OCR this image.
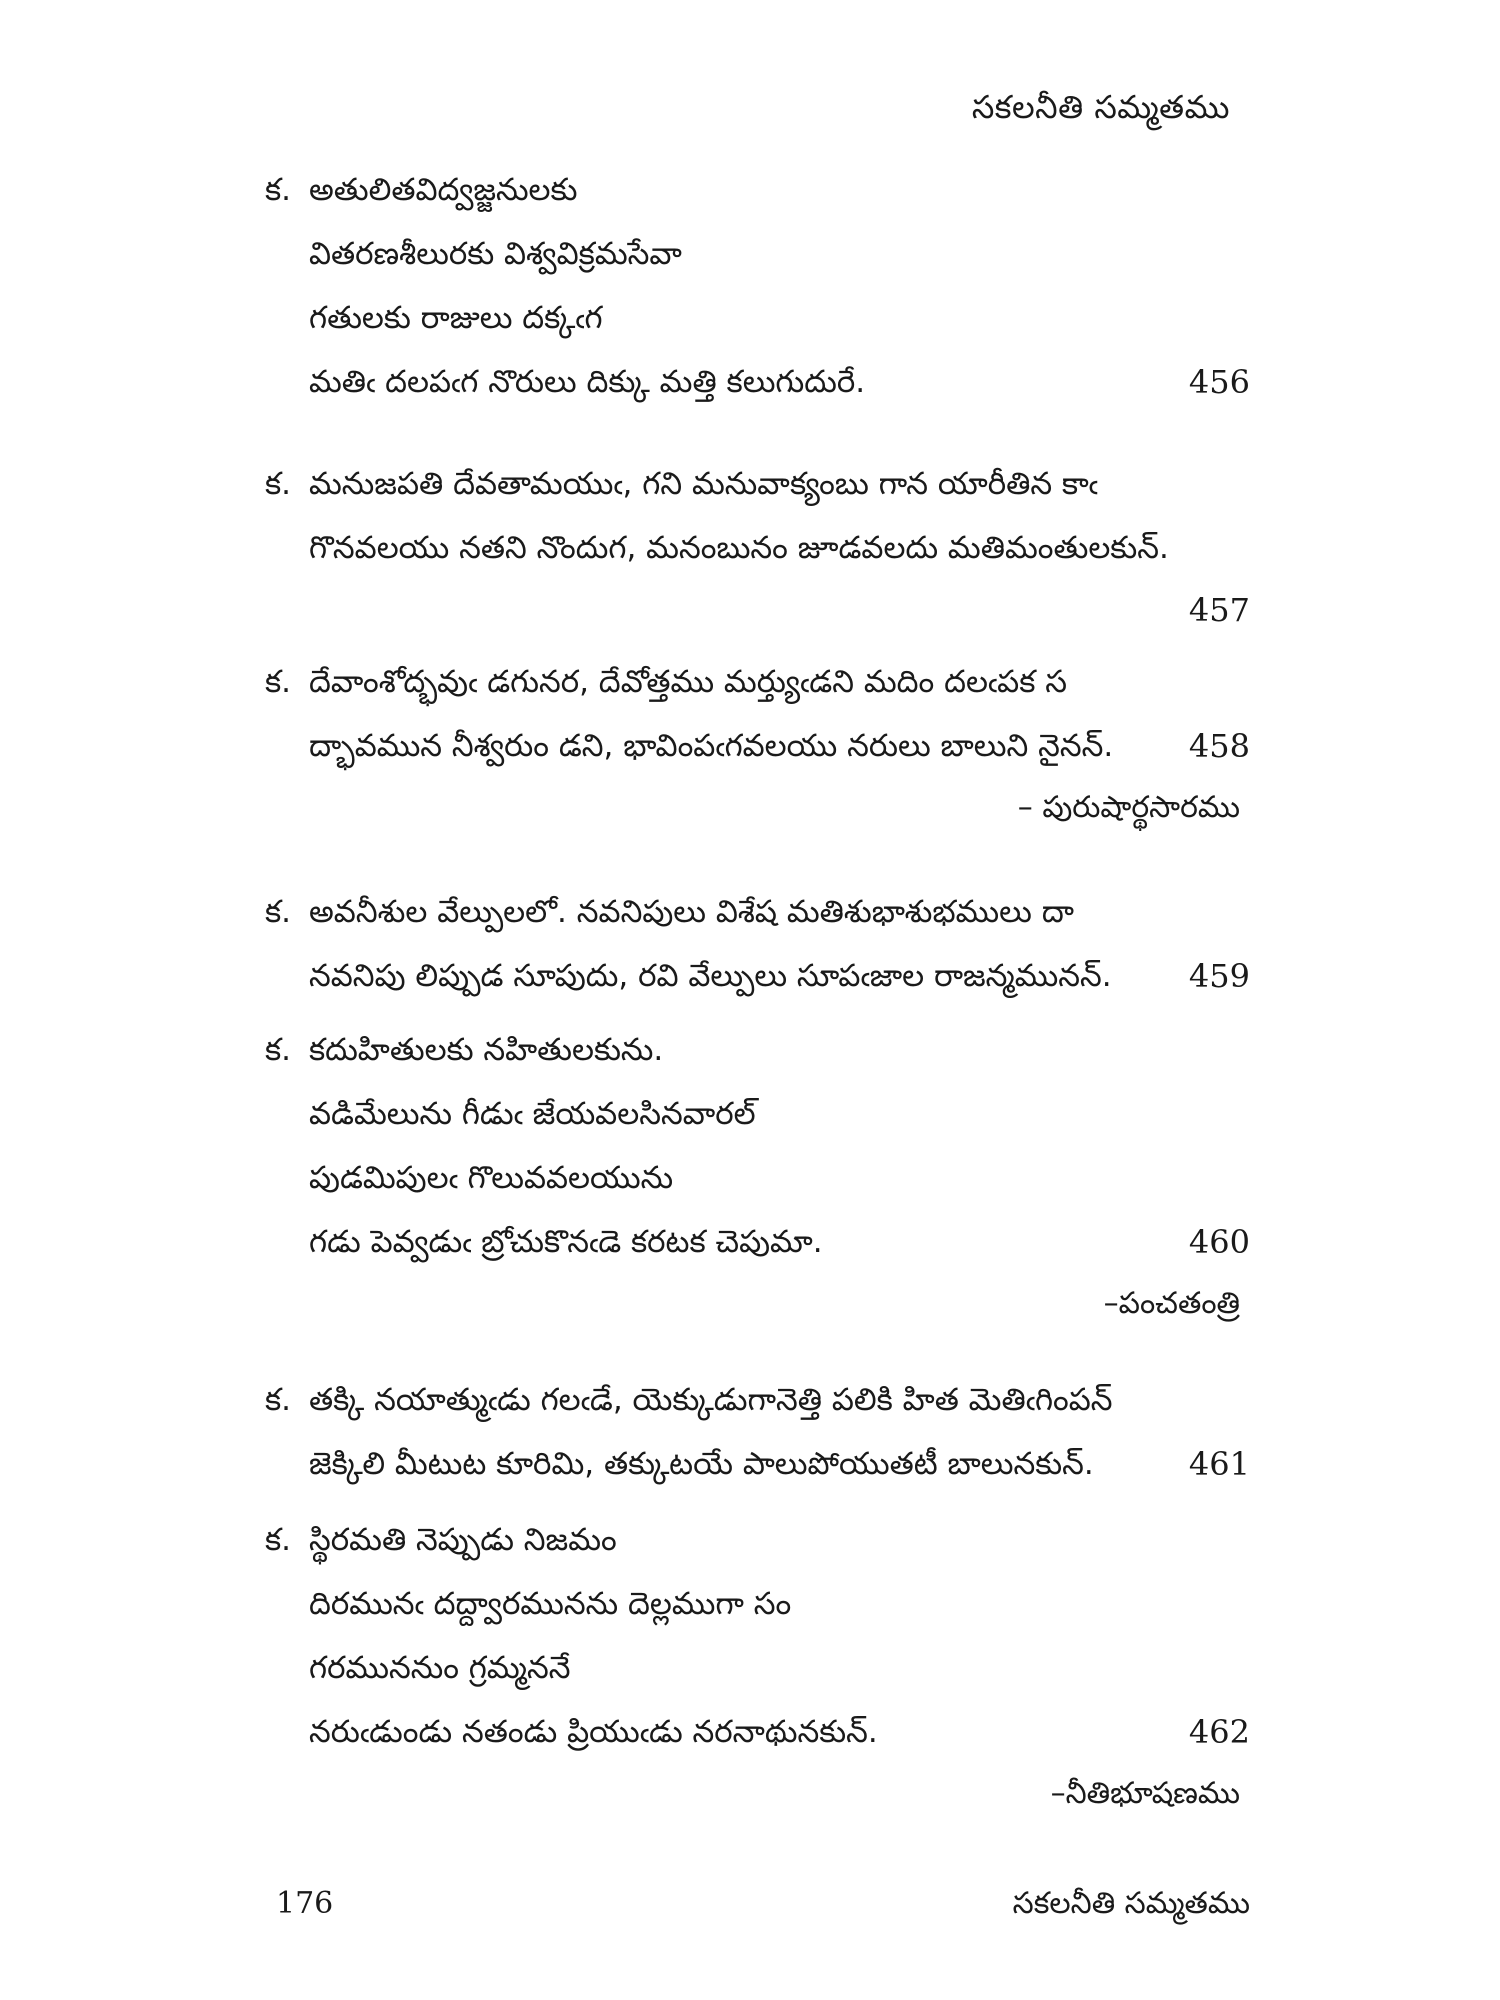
సకలనీతి సమ్మతము
క. అతులితవిద్వజ్జనులకు
వితరణశీలురకు విశ్వవిక్రమసేవా
గతులకు రాజులు దక్కఁగ
మతిఁ దలపఁగ నొరులు దిక్కు మత్తి కలుగుదురే.	456
క. మనుజపతి దేవతామయుఁ, గని మనువాక్యంబు గాన యారీతిన కాఁ
గొనవలయు నతని నొందుగ, మనంబునం జూడవలదు మతిమంతులకున్.
457
క. దేవాంశోద్భవుఁ డగునర, దేవోత్తము మర్త్యుఁడని మదిం దలఁపక స
ద్భావమున నీశ్వరుం డని, భావింపఁగవలయు నరులు బాలుని నైనన్. 458
– పురుషార్థసారము
క. అవనీశుల వేల్పులలో. నవనిపులు విశేష మతిశుభాశుభములు దా
నవనిపు లిప్పుడ సూపుదు, రవి వేల్పులు సూపఁజాల రాజన్మమునన్. 459
క. కదుహితులకు నహితులకును.
వడిమేలును గీడుఁ జేయవలసినవారల్
పుడమిపులఁ గొలువవలయును
గడు పెవ్వడుఁ బ్రోచుకొనఁడె కరటక చెపుమా.	460
–పంచతంత్రి
క. తక్కి నయాత్ముఁడు గలఁడే, యెక్కుడుగానెత్తి పలికి హిత మెతిఁగింపన్
జెక్కిలి మీటుట కూరిమి, తక్కుటయే పాలుపోయుతటీ బాలునకున్.	461
క. స్థిరమతి నెప్పుడు నిజమం
దిరమునఁ దద్ద్వారమునను దెల్లముగా సం
గరముననుం గ్రమ్మననే
నరుఁడుండు నతండు ప్రియుఁడు నరనాథునకున్.	462
–నీతిభూషణము
176	సకలనీతి సమ్మతము
